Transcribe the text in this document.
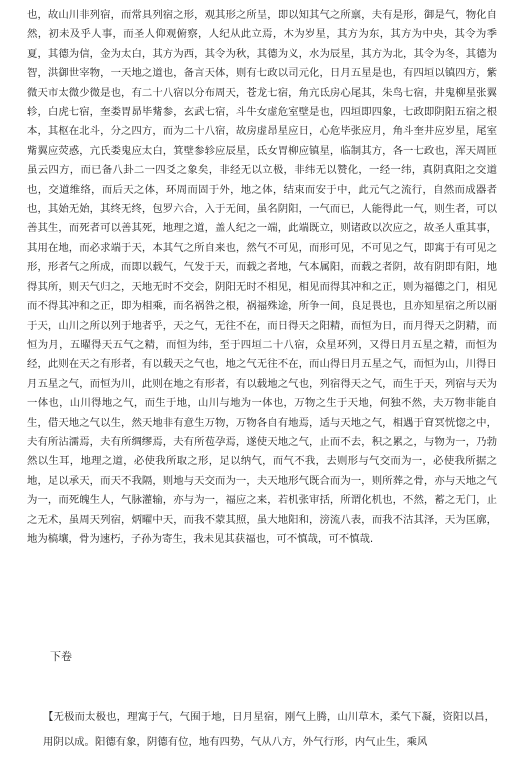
也，故山川非列宿，而常具列宿之形，观其形之所呈，即以知其气之所禀，夫有是形，御是气，物化自然，初未及乎人事，而圣人仰观俯察，人纪从此立焉，木为岁星，其方为东，其方为中央，其令为季夏，其德为信，金为太白，其方为西，其令为秋，其德为义，水为辰星，其方为北，其令为冬，其德为智，洪御世宰物，一天地之道也，备言天体，则有七政以司元化，日月五星是也，有四垣以镇四方，紫微天市太微少微是也，有二十八宿以分布周天，苍龙七宿，角亢氐房心尾其，朱鸟七宿，井鬼柳星张翼轸，白虎七宿，奎娄胃昴毕觜参，玄武七宿，斗牛女虚危室壁是也，四垣即四象，七政即阴阳五宿之根本，其枢在北斗，分之四方，而为二十八宿，故房虚昂星应日，心危毕张应月，角斗奎井应岁星，尾室觜翼应荧惑，亢氏娄鬼应太白，箕壁参轸应辰星，氐女胃柳应镇星，临制其方，各一七政也，浑天周匝虽云四方，而已备八卦二一四爻之象矣，非经无以立极，非纬无以赞化，一经一纬，真阴真阳之交道也，交道维络，而后天之体，环周而固于外，地之体，结束而安于中，此元气之流行，自然而成器者也，其始无始，其终无终，包罗六合，入于无间，虽名阴阳，一气而已，人能得此一气，则生者，可以善其生，而死者可以善其死，地理之道，盖人纪之一端，此端既立，则诸政以次应之，故圣人重其事，其用在地，而必求端于天，本其气之所自来也，然气不可见，而形可见，不可见之气，即寓于有可见之形，形者气之所成，而即以载气，气发于天，而载之者地，气本属阳，而载之者阴，故有阴即有阳，地得其所，则天气归之，天地无时不交会，阴阳无时不相见，相见而得其冲和之正，则为福德之门，相见而不得其冲和之正，即为相乘，而名祸咎之根，祸福殊途，所争一间，良足畏也，且亦知星宿之所以丽于天，山川之所以列于地者乎，天之气，无往不在，而日得天之阳精，而恒为日，而月得天之阴精，而恒为月，五曜得天五气之精，而恒为纬，至于四垣二十八宿，众星环列，又得日月五星之精，而恒为经，此则在天之有形者，有以载天之气也，地之气无往不在，而山得日月五星之气，而恒为山，川得日月五星之气，而恒为川，此则在地之有形者，有以载地之气也，列宿得天之气，而生于天，列宿与天为一体也，山川得地之气，而生于地，山川与地为一体也，万物之生于天地，何独不然，夫万物非能自生，借天地之气以生，然天地非有意生万物，万物各自有地焉，适与天地之气，相遇于窅冥恍惚之中，夫有所沾濡焉，夫有所绸缪焉，夫有所苞孕焉，遂使天地之气，止而不去，积之累之，与物为一，乃勃然以生耳，地理之道，必使我所取之形，足以纳气，而气不我，去则形与气交而为一，必使我所据之地，足以承天，而天不我隔，则地与天交而为一，夫天地形气既合而为一，则所葬之骨，亦与天地之气为一，而死魄生人，气脉灌输，亦与为一，福应之来，若机张审括，所谓化机也，不然，蓄之无门，止之无术，虽周天列宿，炳曜中天，而我不蒙其照，虽大地阳和，滂流八表，而我不沽其泽，天为匡廓，地为槁壤，骨为速朽，子孙为寄生，我未见其获福也，可不慎哉，可不慎哉.
下卷
【无极而太极也，理寓于气，气囿于地，日月星宿，刚气上腾，山川草木，柔气下凝，资阳以昌，用阴以成。阳德有象，阴德有位，地有四势，气从八方，外气行形，内气止生，乘风
